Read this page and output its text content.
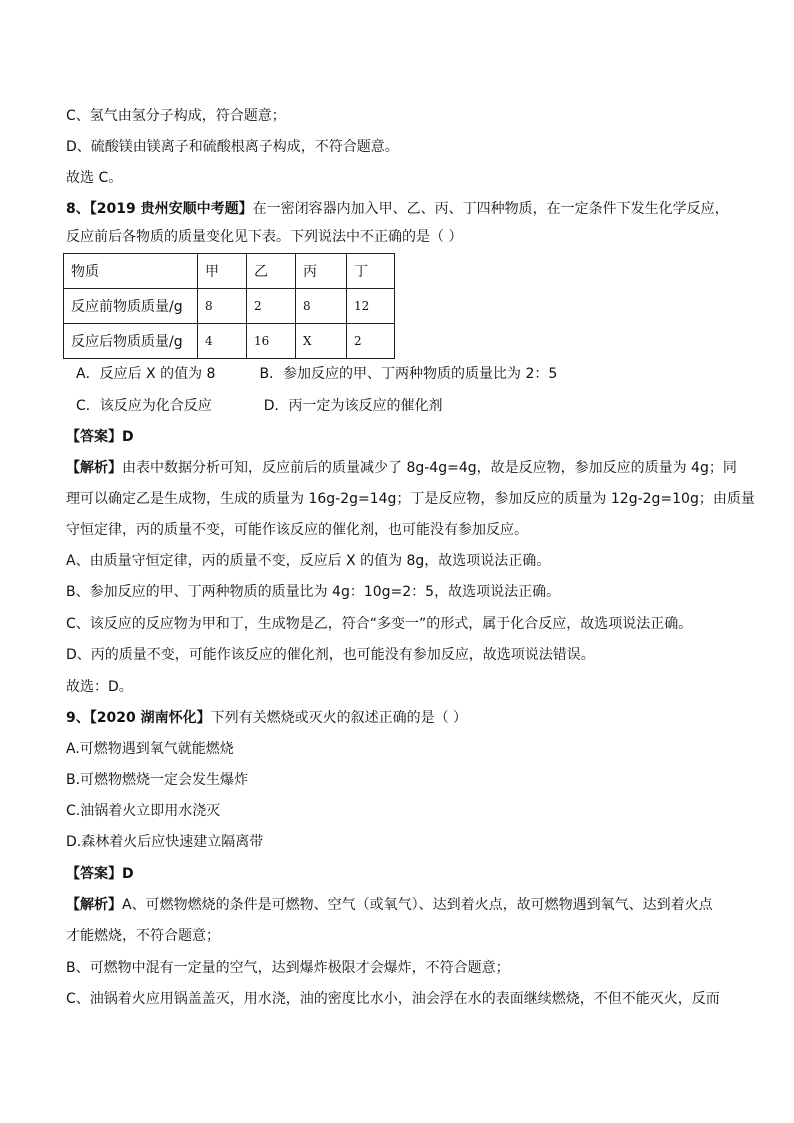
C、氢气由氢分子构成，符合题意；
D、硫酸镁由镁离子和硫酸根离子构成，不符合题意。
故选 C。
8、【2019 贵州安顺中考题】在一密闭容器内加入甲、乙、丙、丁四种物质，在一定条件下发生化学反应，
反应前后各物质的质量变化见下表。下列说法中不正确的是（ ）
物质	甲	乙	丙	丁
反应前物质质量/g	8	2	8	12
反应后物质质量/g	4	16	X	2
A．反应后 X 的值为 8	B．参加反应的甲、丁两种物质的质量比为 2：5
C．该反应为化合反应	D．丙一定为该反应的催化剂
【答案】D
【解析】由表中数据分析可知，反应前后的质量减少了 8g-4g=4g，故是反应物，参加反应的质量为 4g；同
理可以确定乙是生成物，生成的质量为 16g-2g=14g；丁是反应物，参加反应的质量为 12g-2g=10g；由质量
守恒定律，丙的质量不变，可能作该反应的催化剂，也可能没有参加反应。
A、由质量守恒定律，丙的质量不变，反应后 X 的值为 8g，故选项说法正确。
B、参加反应的甲、丁两种物质的质量比为 4g：10g=2：5，故选项说法正确。
C、该反应的反应物为甲和丁，生成物是乙，符合“多变一”的形式，属于化合反应，故选项说法正确。
D、丙的质量不变，可能作该反应的催化剂，也可能没有参加反应，故选项说法错误。
故选：D。
9、【2020 湖南怀化】下列有关燃烧或灭火的叙述正确的是（ ）
A.可燃物遇到氧气就能燃烧
B.可燃物燃烧一定会发生爆炸
C.油锅着火立即用水浇灭
D.森林着火后应快速建立隔离带
【答案】D
【解析】A、可燃物燃烧的条件是可燃物、空气（或氧气）、达到着火点，故可燃物遇到氧气、达到着火点
才能燃烧，不符合题意；
B、可燃物中混有一定量的空气，达到爆炸极限才会爆炸，不符合题意；
C、油锅着火应用锅盖盖灭，用水浇，油的密度比水小，油会浮在水的表面继续燃烧，不但不能灭火，反而
